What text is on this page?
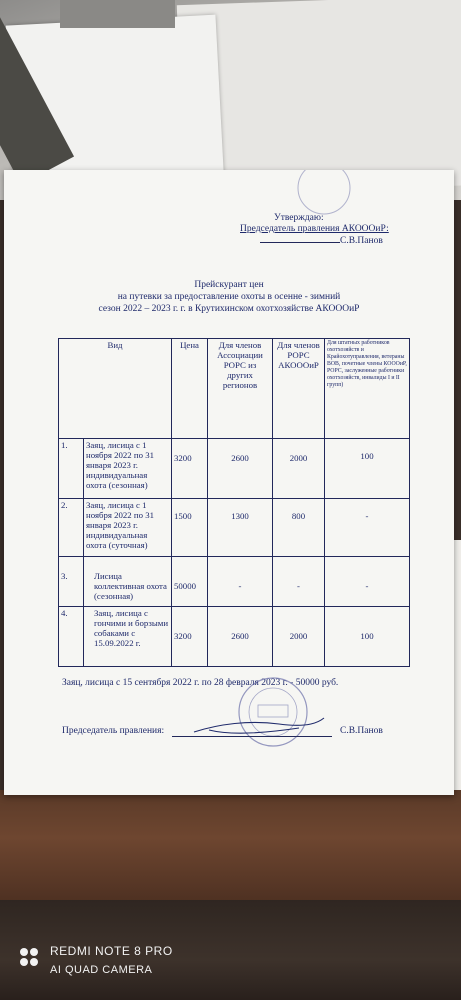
Утверждаю:
Председатель правления АКОООиР:
С.В.Панов
Прейскурант цен
на путевки за предоставление охоты в осенне - зимний
сезон 2022 – 2023 г. г. в Крутихинском охотхозяйстве АКОООиР
Вид		Цена	Для членов Ассоциации РОРС из других регионов	Для членов РОРС АКОООиР	Для штатных работников охотхозяйств и Крайохотуправления, ветераны ВОВ, почетные члены КОООиР, РОРС, заслуженные работники охотхозяйств, инвалиды I и II групп)
1.	Заяц, лисица с 1 ноября 2022 по 31 января 2023 г. индивидуальная охота (сезонная)	3200	2600	2000	100
2.	Заяц, лисица с 1 ноября 2022 по 31 января 2023 г. индивидуальная охота (суточная)	1500	1300	800	-
3.	Лисица коллективная охота (сезонная)	50000	-	-	-
4.	Заяц, лисица с гончими и борзыми собаками с 15.09.2022 г.	3200	2600	2000	100
Заяц, лисица с 15 сентября 2022 г. по 28 февраля 2023 г. - 50000 руб.
Председатель правления:	С.В.Панов
REDMI NOTE 8 PRO
AI QUAD CAMERA
